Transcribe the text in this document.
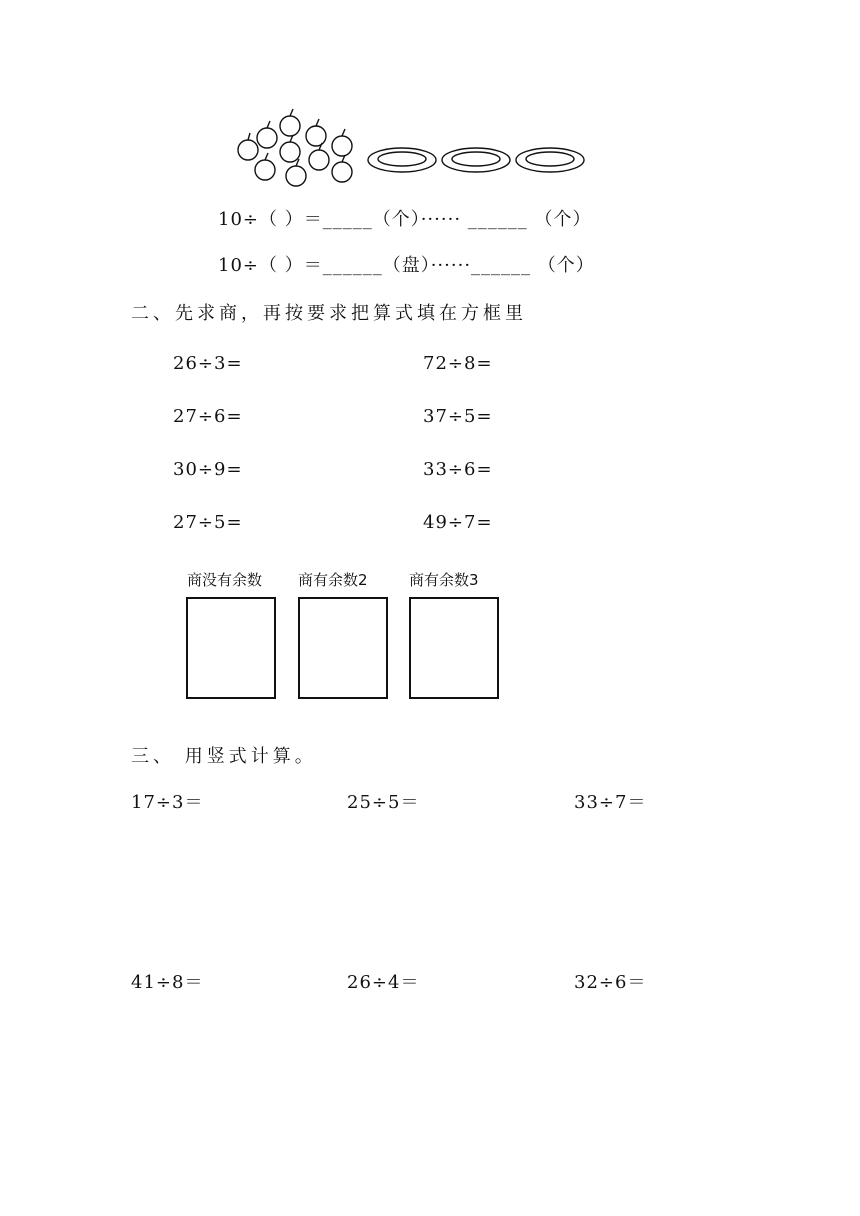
10÷（ ）＝_____（个）······ ______ （个）
10÷（ ）＝______（盘）······______ （个）
二、先求商，再按要求把算式填在方框里
26÷3=	72÷8=
27÷6=	37÷5=
30÷9=	33÷6=
27÷5=	49÷7=
商没有余数 商有余数2	商有余数3
三、 用竖式计算。
17÷3＝	25÷5＝	33÷7＝
41÷8＝	26÷4＝	32÷6＝
